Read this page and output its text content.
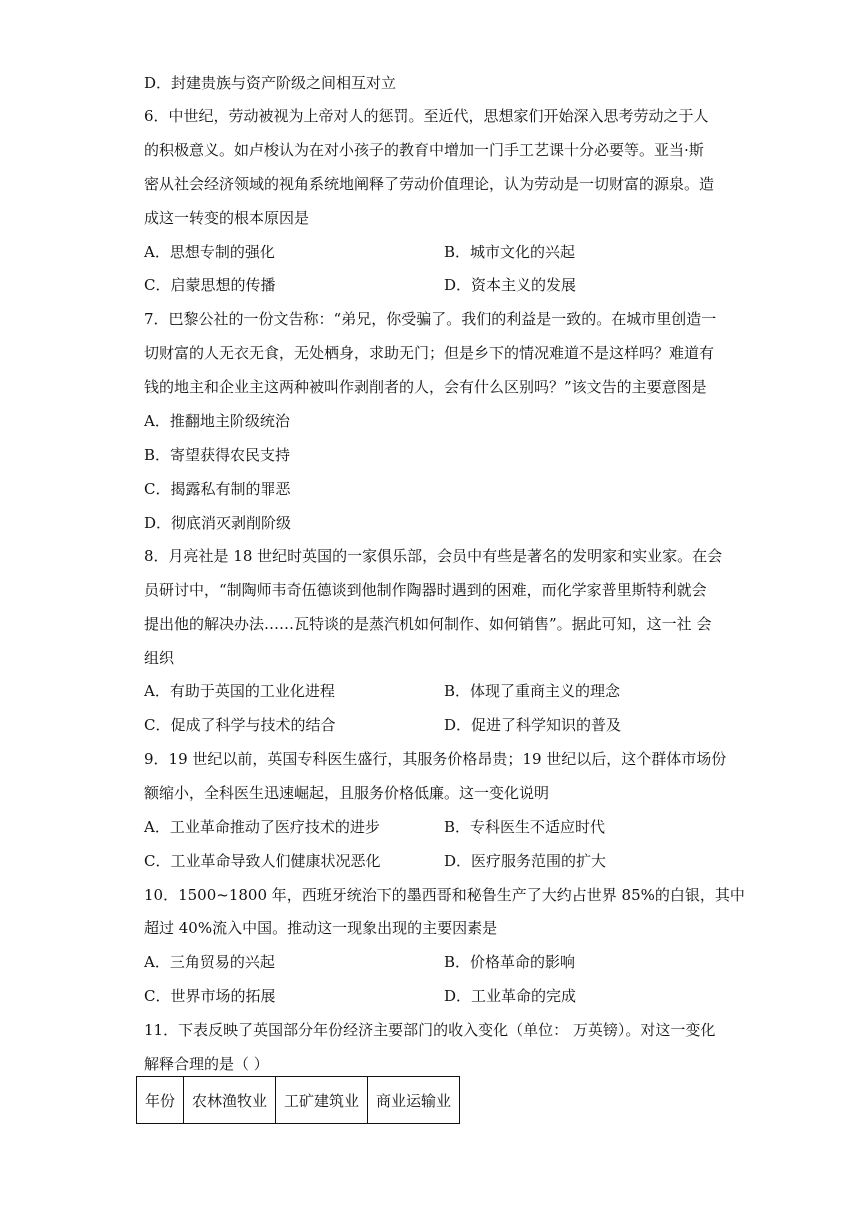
D．封建贵族与资产阶级之间相互对立
6．中世纪，劳动被视为上帝对人的惩罚。至近代，思想家们开始深入思考劳动之于人
的积极意义。如卢梭认为在对小孩子的教育中增加一门手工艺课十分必要等。亚当·斯
密从社会经济领域的视角系统地阐释了劳动价值理论，认为劳动是一切财富的源泉。造
成这一转变的根本原因是
A．思想专制的强化	B．城市文化的兴起
C．启蒙思想的传播	D．资本主义的发展
7．巴黎公社的一份文告称：“弟兄，你受骗了。我们的利益是一致的。在城市里创造一
切财富的人无衣无食，无处栖身，求助无门；但是乡下的情况难道不是这样吗？难道有
钱的地主和企业主这两种被叫作剥削者的人，会有什么区别吗？”该文告的主要意图是
A．推翻地主阶级统治
B．寄望获得农民支持
C．揭露私有制的罪恶
D．彻底消灭剥削阶级
8．月亮社是 18 世纪时英国的一家俱乐部，会员中有些是著名的发明家和实业家。在会
员研讨中，“制陶师韦奇伍德谈到他制作陶器时遇到的困难，而化学家普里斯特利就会
提出他的解决办法……瓦特谈的是蒸汽机如何制作、如何销售”。据此可知，这一社 会
组织
A．有助于英国的工业化进程	B．体现了重商主义的理念
C．促成了科学与技术的结合	D．促进了科学知识的普及
9．19 世纪以前，英国专科医生盛行，其服务价格昂贵；19 世纪以后，这个群体市场份
额缩小，全科医生迅速崛起，且服务价格低廉。这一变化说明
A．工业革命推动了医疗技术的进步	B．专科医生不适应时代
C．工业革命导致人们健康状况恶化	D．医疗服务范围的扩大
10．1500~1800 年，西班牙统治下的墨西哥和秘鲁生产了大约占世界 85%的白银，其中
超过 40%流入中国。推动这一现象出现的主要因素是
A．三角贸易的兴起	B．价格革命的影响
C．世界市场的拓展	D．工业革命的完成
11．下表反映了英国部分年份经济主要部门的收入变化（单位： 万英镑）。对这一变化
解释合理的是（ ）
年份	农林渔牧业	工矿建筑业	商业运输业
